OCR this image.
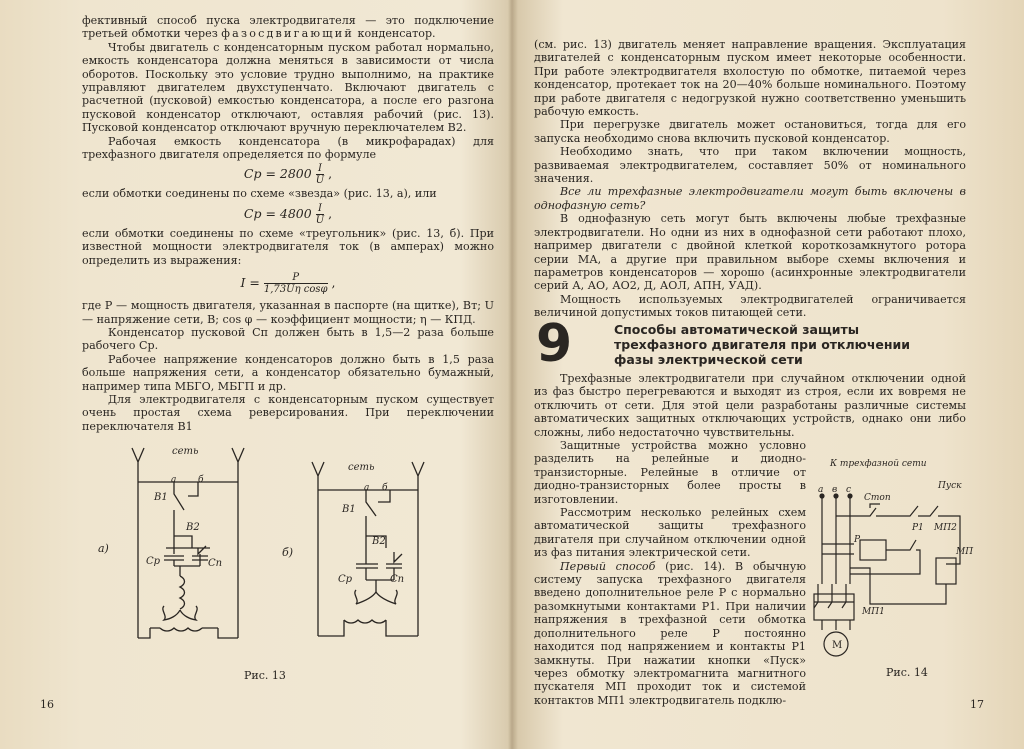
фективный способ пуска электродвигателя — это подключение третьей обмотки через фазосдвигающий конденсатор.

Чтобы двигатель с конденсаторным пуском работал нормально, емкость конденсатора должна меняться в зависимости от числа оборотов. Поскольку это условие трудно выполнимо, на практике управляют двигателем двухступенчато. Включают двигатель с расчетной (пусковой) емкостью конденсатора, а после его разгона пусковой конденсатор отключают, оставляя рабочий (рис. 13). Пусковой конденсатор отключают вручную переключателем В2.

Рабочая емкость конденсатора (в микрофарадах) для трехфазного двигателя определяется по формуле

Cр = $2800 \frac{I}{U}$ ,

если обмотки соединены по схеме «звезда» (рис. 13, а), или

Cр = $4800 \frac{I}{U}$ ,

если обмотки соединены по схеме «треугольник» (рис. 13, б). При известной мощности электродвигателя ток (в амперах) можно определить из выражения:

$I = \frac{P}{\text{1,73Uη cosφ}}$ ,

где P — мощность двигателя, указанная в паспорте (на щитке), Вт; U — напряжение сети, В; cos φ — коэффициент мощности; η — КПД.

Конденсатор пусковой Сп должен быть в 1,5—2 раза больше рабочего Ср.

Рабочее напряжение конденсаторов должно быть в 1,5 раза больше напряжения сети, а конденсатор обязательно бумажный, например типа МБГО, МБГП и др.

Для электродвигателя с конденсаторным пуском существует очень простая схема реверсирования. При переключении переключателя В1

сеть
а б
В1
В2
Ср	Сп
а)
сеть
а б
В1
В2
Ср	Сп
б)
Рис. 13
16

(см. рис. 13) двигатель меняет направление вращения. Эксплуатация двигателей с конденсаторным пуском имеет некоторые особенности. При работе электродвигателя вхолостую по обмотке, питаемой через конденсатор, протекает ток на 20—40% больше номинального. Поэтому при работе двигателя с недогрузкой нужно соответственно уменьшить рабочую емкость.

При перегрузке двигатель может остановиться, тогда для его запуска необходимо снова включить пусковой конденсатор.

Необходимо знать, что при таком включении мощность, развиваемая электродвигателем, составляет 50% от номинального значения.

Все ли трехфазные электродвигатели могут быть включены в однофазную сеть?

В однофазную сеть могут быть включены любые трехфазные электродвигатели. Но одни из них в однофазной сети работают плохо, например двигатели с двойной клеткой короткозамкнутого ротора серии МА, а другие при правильном выборе схемы включения и параметров конденсаторов — хорошо (асинхронные электродвигатели серий А, АО, АО2, Д, АОЛ, АПН, УАД).

Мощность используемых электродвигателей ограничивается величиной допустимых токов питающей сети.

9	Способы автоматической защиты трехфазного двигателя при отключении фазы электрической сети

Трехфазные электродвигатели при случайном отключении одной из фаз быстро перегреваются и выходят из строя, если их вовремя не отключить от сети. Для этой цели разработаны различные системы автоматических защитных отключающих устройств, однако они либо сложны, либо недостаточно чувствительны.

Защитные устройства можно условно разделить на релейные и диодно-транзисторные. Релейные в отличие от диодно-транзисторных более просты в изготовлении.

Рассмотрим несколько релейных схем автоматической защиты трехфазного двигателя при случайном отключении одной из фаз питания электрической сети.

Первый способ (рис. 14). В обычную систему запуска трехфазного двигателя введено дополнительное реле Р с нормально разомкнутыми контактами Р1. При наличии напряжения в трехфазной сети обмотка дополнительного реле Р постоянно находится под напряжением и контакты Р1 замкнуты. При нажатии кнопки «Пуск» через обмотку электромагнита магнитного пускателя МП проходит ток и системой контактов МП1 электродвигатель подклю-

К трехфазной сети
а в с
Стоп
Пуск
Р1 МП2
Р
МП
МП1
М
Рис. 14
17
